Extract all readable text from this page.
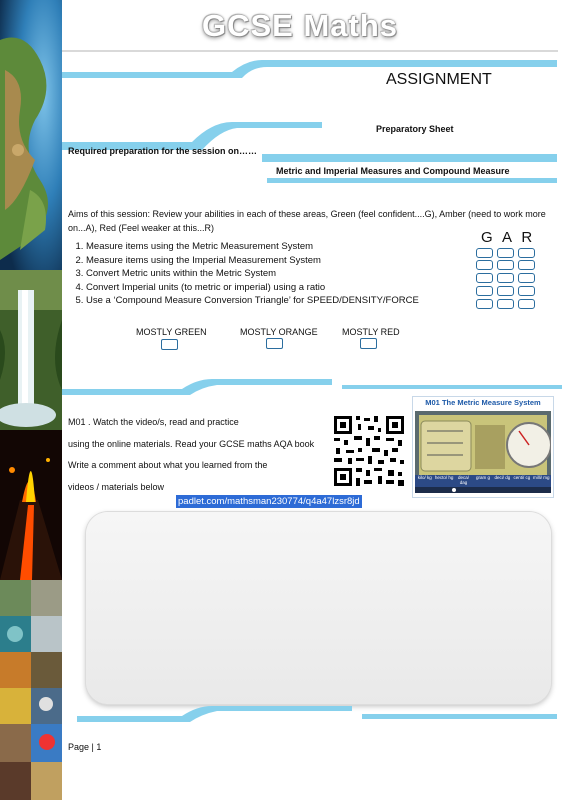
GCSE Maths
ASSIGNMENT
Preparatory Sheet
Required preparation for the session on……
Metric and Imperial Measures and Compound Measure
Aims of this session: Review your abilities in each of these areas, Green (feel confident....G), Amber (need to work more on...A), Red (Feel weaker at this...R)
1. Measure items using the Metric Measurement System
2. Measure items using the Imperial Measurement System
3. Convert Metric units within the Metric System
4. Convert Imperial units (to metric or imperial) using a ratio
5. Use a ‘Compound Measure Conversion Triangle’ for SPEED/DENSITY/FORCE
G A R
MOSTLY GREEN	MOSTLY ORANGE	MOSTLY RED
M01 . Watch the video/s, read and practice
using the online materials. Read your GCSE maths AQA book
Write a comment about what you learned from the
videos / materials below
padlet.com/mathsman230774/q4a47lzsr8jd
M01 The Metric Measure System
kilo/ kg hecto/ hg	deca/ dag
gram g	deci/ dg centi/ cg milli/ mg
Page | 1
